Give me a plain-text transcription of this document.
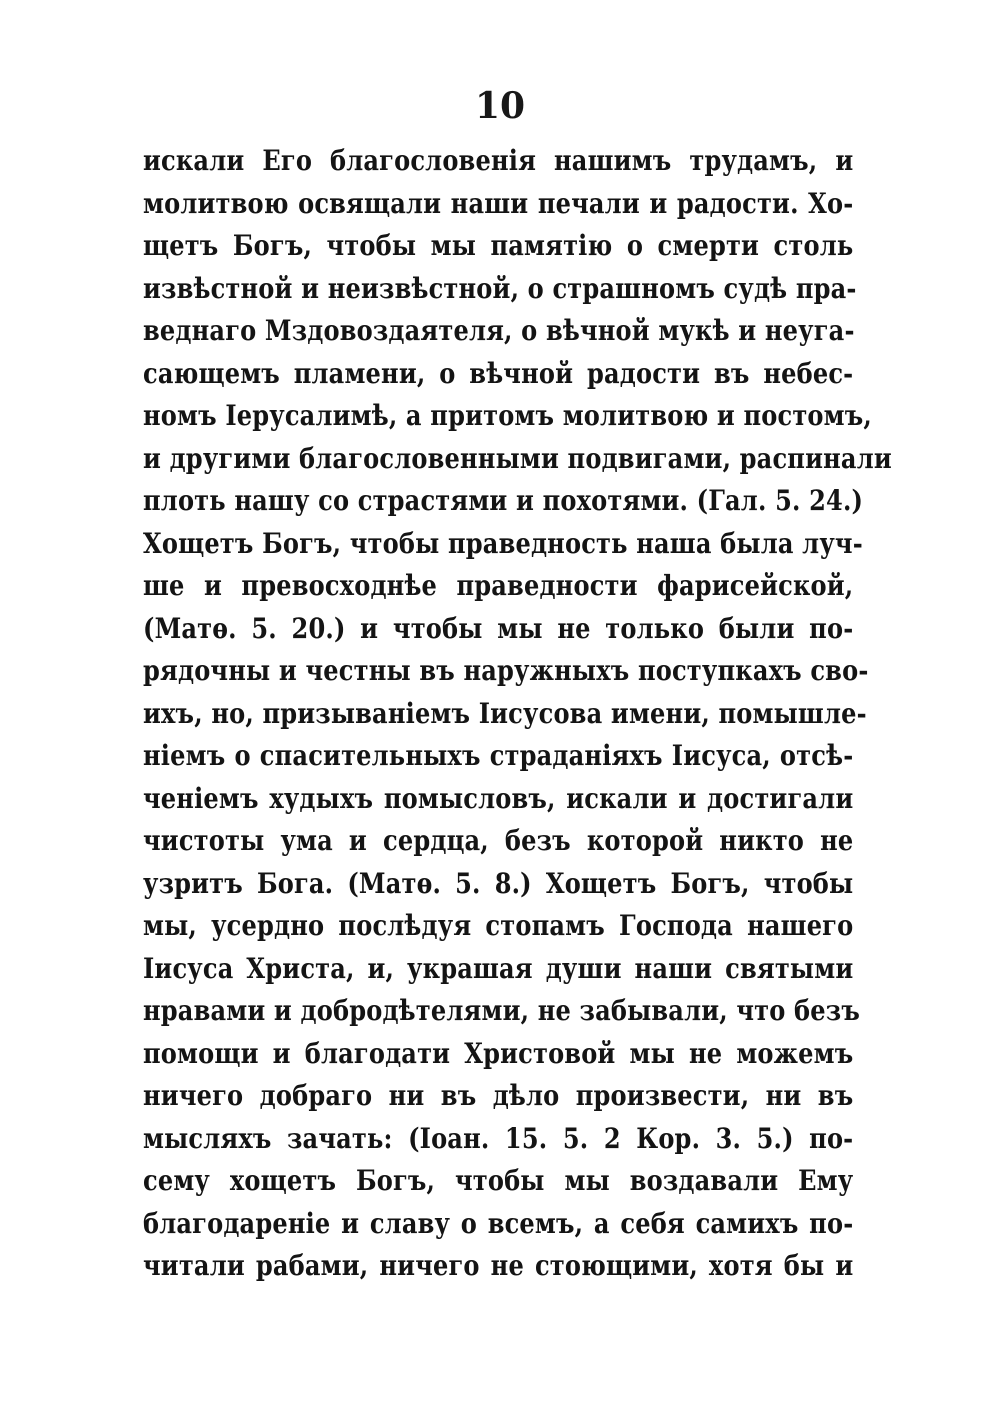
10
искали Его благословенія нашимъ трудамъ, и
молитвою освящали наши печали и радости. Хо-
щетъ Богъ, чтобы мы памятію о смерти столь
извѣстной и неизвѣстной, о страшномъ судѣ пра-
веднаго Мздовоздаятеля, о вѣчной мукѣ и неуга-
сающемъ пламени, о вѣчной радости въ небес-
номъ Іерусалимѣ, а притомъ молитвою и постомъ,
и другими благословенными подвигами, распинали
плоть нашу со страстями и похотями. (Гал. 5. 24.)
Хощетъ Богъ, чтобы праведность наша была луч-
ше и превосходнѣе праведности фарисейской,
(Матѳ. 5. 20.) и чтобы мы не только были по-
рядочны и честны въ наружныхъ поступкахъ сво-
ихъ, но, призываніемъ Іисусова имени, помышле-
ніемъ о спасительныхъ страданіяхъ Іисуса, отсѣ-
ченіемъ худыхъ помысловъ, искали и достигали
чистоты ума и сердца, безъ которой никто не
узритъ Бога. (Матѳ. 5. 8.) Хощетъ Богъ, чтобы
мы, усердно послѣдуя стопамъ Господа нашего
Іисуса Христа, и, украшая души наши святыми
нравами и добродѣтелями, не забывали, что безъ
помощи и благодати Христовой мы не можемъ
ничего добраго ни въ дѣло произвести, ни въ
мысляхъ зачать: (Іоан. 15. 5. 2 Кор. 3. 5.) по-
сему хощетъ Богъ, чтобы мы воздавали Ему
благодареніе и славу о всемъ, а себя самихъ по-
читали рабами, ничего не стоющими, хотя бы и
